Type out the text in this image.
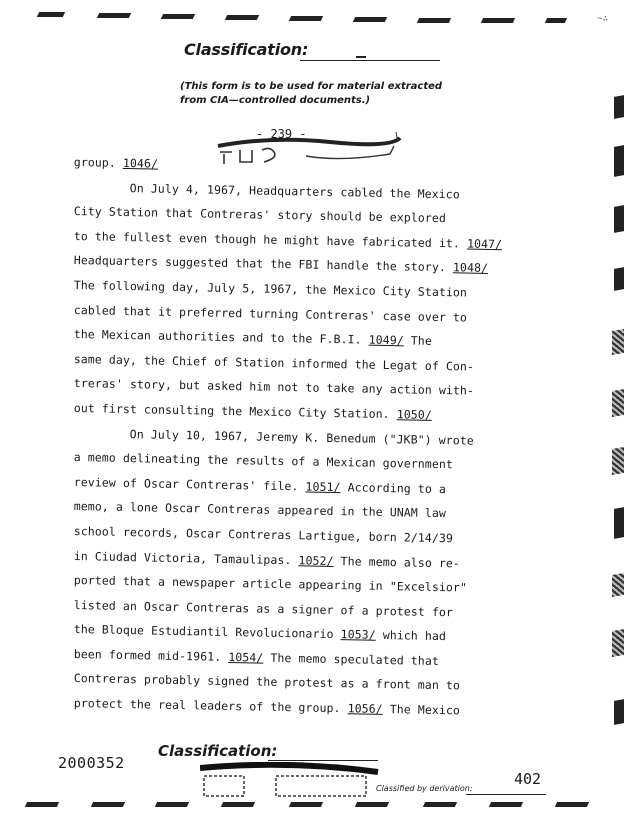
~∴
Classification:
(This form is to be used for material extracted from CIA—controlled documents.)
- 239 -

group. 1046/

On July 4, 1967, Headquarters cabled the Mexico

City Station that Contreras' story should be explored

to the fullest even though he might have fabricated it. 1047/

Headquarters suggested that the FBI handle the story. 1048/

The following day, July 5, 1967, the Mexico City Station

cabled that it preferred turning Contreras' case over to

the Mexican authorities and to the F.B.I. 1049/ The

same day, the Chief of Station informed the Legat of Con-

treras' story, but asked him not to take any action with-

out first consulting the Mexico City Station. 1050/

On July 10, 1967, Jeremy K. Benedum ("JKB") wrote

a memo delineating the results of a Mexican government

review of Oscar Contreras' file. 1051/ According to a

memo, a lone Oscar Contreras appeared in the UNAM law

school records, Oscar Contreras Lartigue, born 2/14/39

in Ciudad Victoria, Tamaulipas. 1052/ The memo also re-

ported that a newspaper article appearing in "Excelsior"

listed an Oscar Contreras as a signer of a protest for

the Bloque Estudiantil Revolucionario 1053/ which had

been formed mid-1961. 1054/ The memo speculated that

Contreras probably signed the protest as a front man to

protect the real leaders of the group. 1056/ The Mexico

Classification:
2000352
Classified by derivation:
402
